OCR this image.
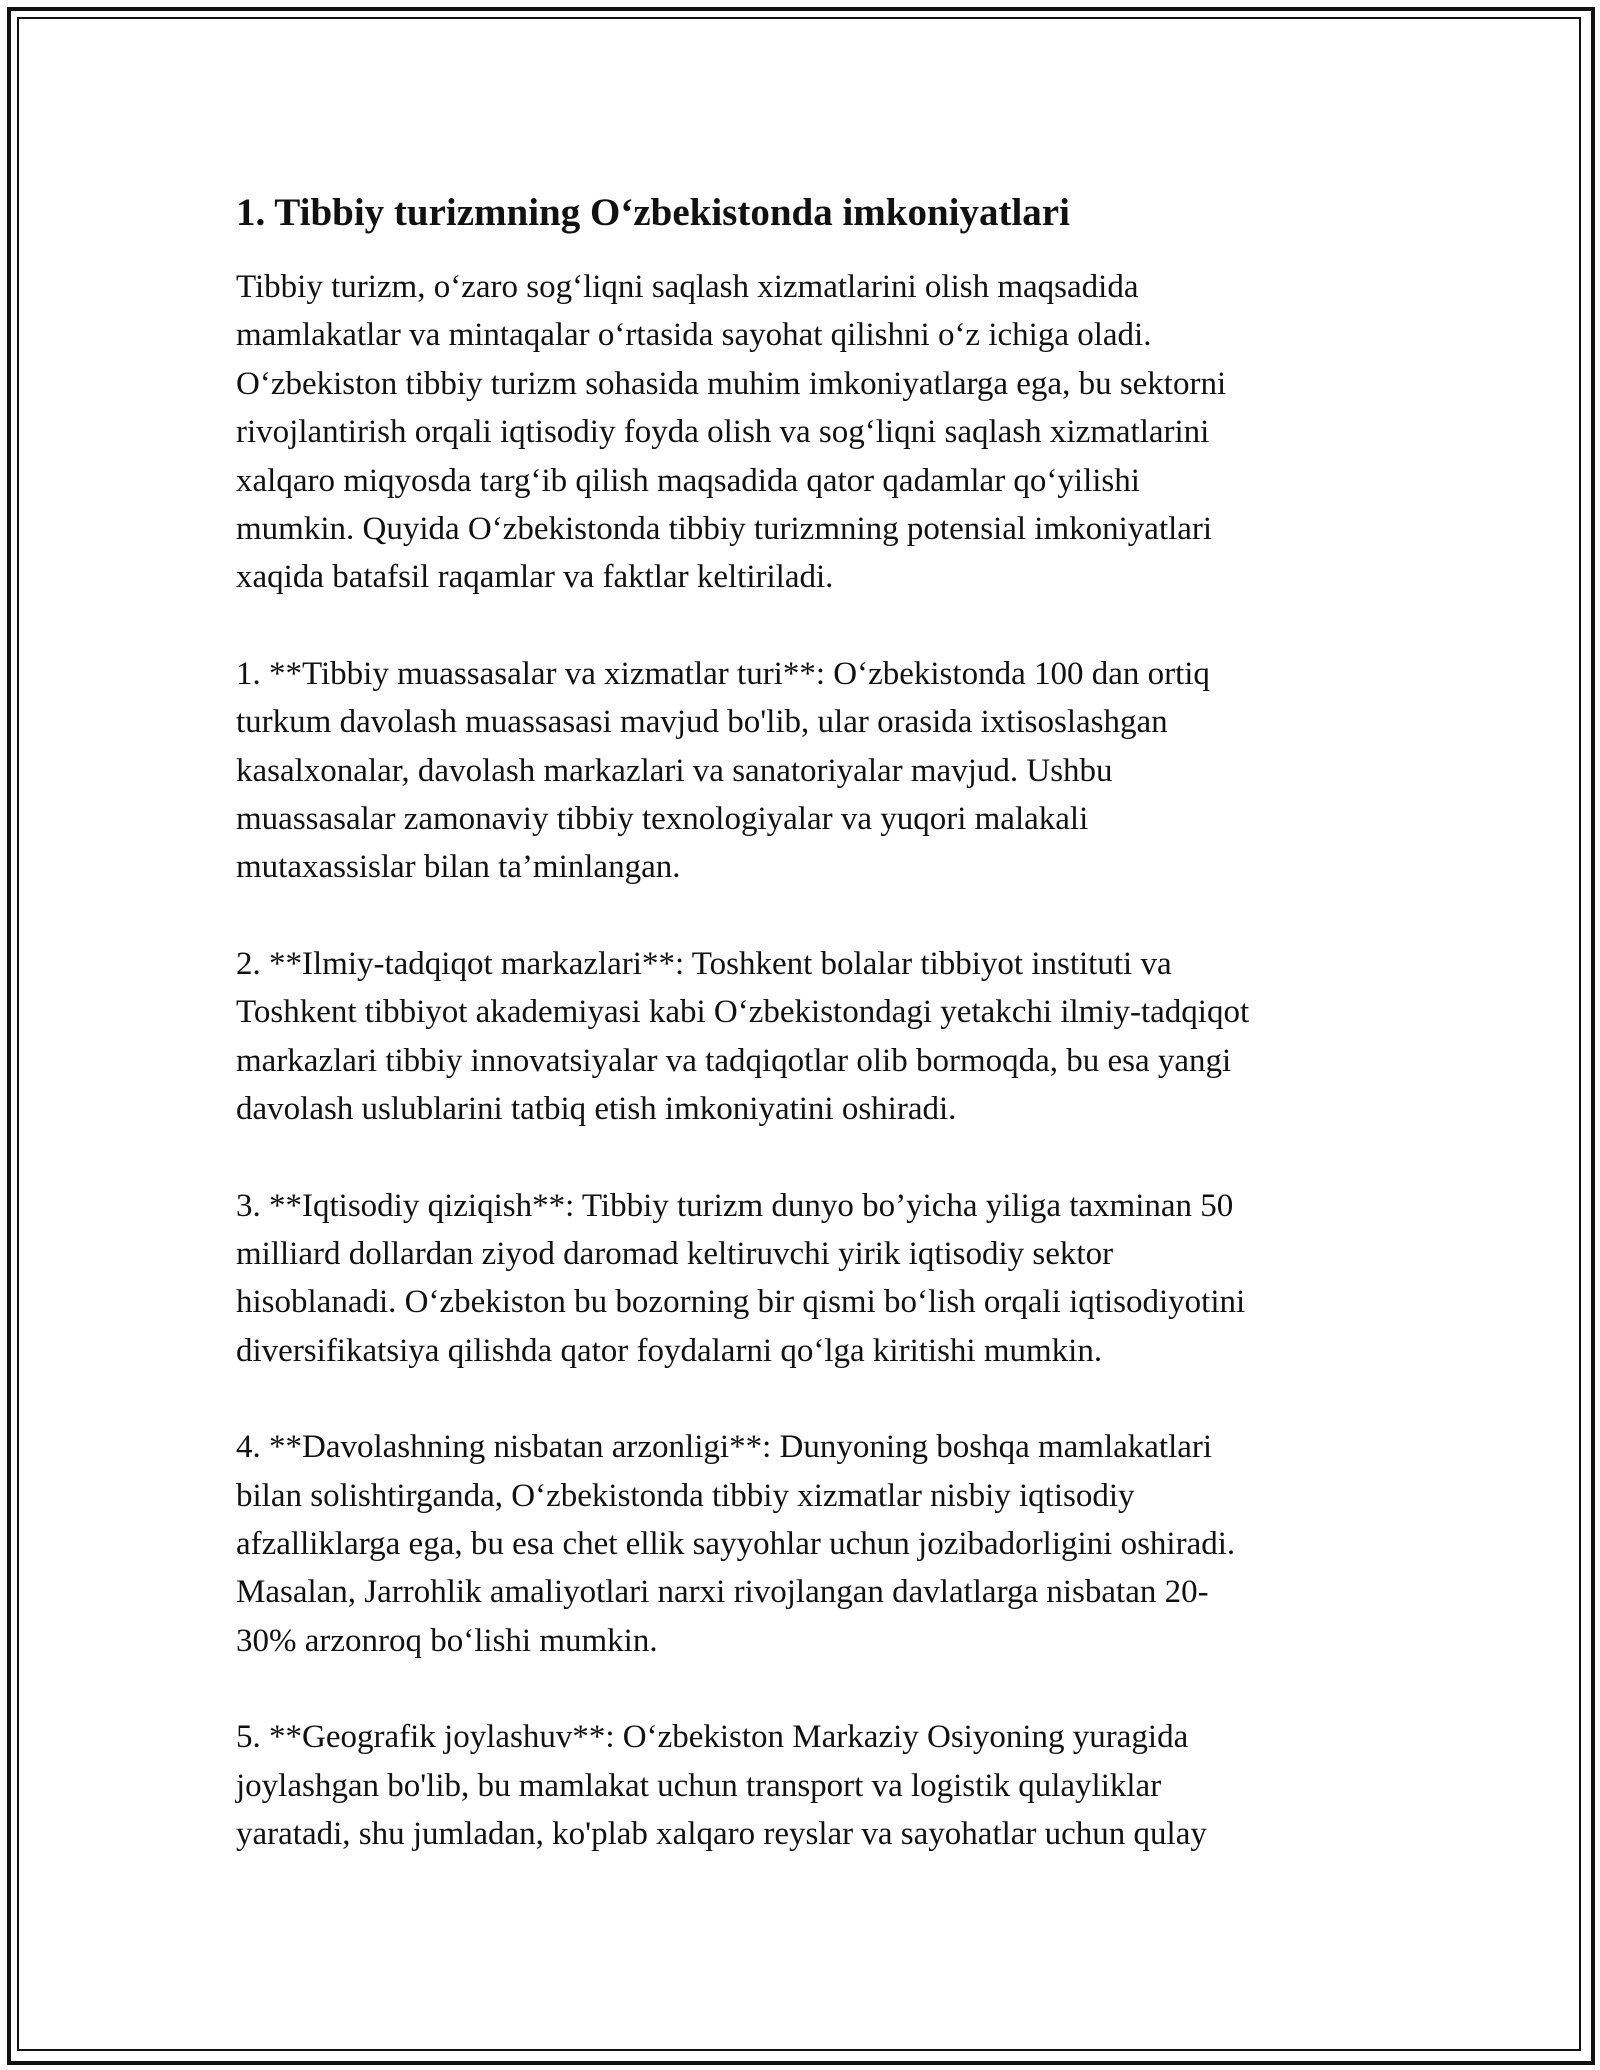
1. Tibbiy turizmning O‘zbekistonda imkoniyatlari

Tibbiy turizm, o‘zaro sog‘liqni saqlash xizmatlarini olish maqsadida
mamlakatlar va mintaqalar o‘rtasida sayohat qilishni o‘z ichiga oladi.
O‘zbekiston tibbiy turizm sohasida muhim imkoniyatlarga ega, bu sektorni
rivojlantirish orqali iqtisodiy foyda olish va sog‘liqni saqlash xizmatlarini
xalqaro miqyosda targ‘ib qilish maqsadida qator qadamlar qo‘yilishi
mumkin. Quyida O‘zbekistonda tibbiy turizmning potensial imkoniyatlari
xaqida batafsil raqamlar va faktlar keltiriladi.

1. **Tibbiy muassasalar va xizmatlar turi**: O‘zbekistonda 100 dan ortiq
turkum davolash muassasasi mavjud bo'lib, ular orasida ixtisoslashgan
kasalxonalar, davolash markazlari va sanatoriyalar mavjud. Ushbu
muassasalar zamonaviy tibbiy texnologiyalar va yuqori malakali
mutaxassislar bilan ta’minlangan.

2. **Ilmiy-tadqiqot markazlari**: Toshkent bolalar tibbiyot instituti va
Toshkent tibbiyot akademiyasi kabi O‘zbekistondagi yetakchi ilmiy-tadqiqot
markazlari tibbiy innovatsiyalar va tadqiqotlar olib bormoqda, bu esa yangi
davolash uslublarini tatbiq etish imkoniyatini oshiradi.

3. **Iqtisodiy qiziqish**: Tibbiy turizm dunyo bo’yicha yiliga taxminan 50
milliard dollardan ziyod daromad keltiruvchi yirik iqtisodiy sektor
hisoblanadi. O‘zbekiston bu bozorning bir qismi bo‘lish orqali iqtisodiyotini
diversifikatsiya qilishda qator foydalarni qo‘lga kiritishi mumkin.

4. **Davolashning nisbatan arzonligi**: Dunyoning boshqa mamlakatlari
bilan solishtirganda, O‘zbekistonda tibbiy xizmatlar nisbiy iqtisodiy
afzalliklarga ega, bu esa chet ellik sayyohlar uchun jozibadorligini oshiradi.
Masalan, Jarrohlik amaliyotlari narxi rivojlangan davlatlarga nisbatan 20-
30% arzonroq bo‘lishi mumkin.

5. **Geografik joylashuv**: O‘zbekiston Markaziy Osiyoning yuragida
joylashgan bo'lib, bu mamlakat uchun transport va logistik qulayliklar
yaratadi, shu jumladan, ko'plab xalqaro reyslar va sayohatlar uchun qulay
